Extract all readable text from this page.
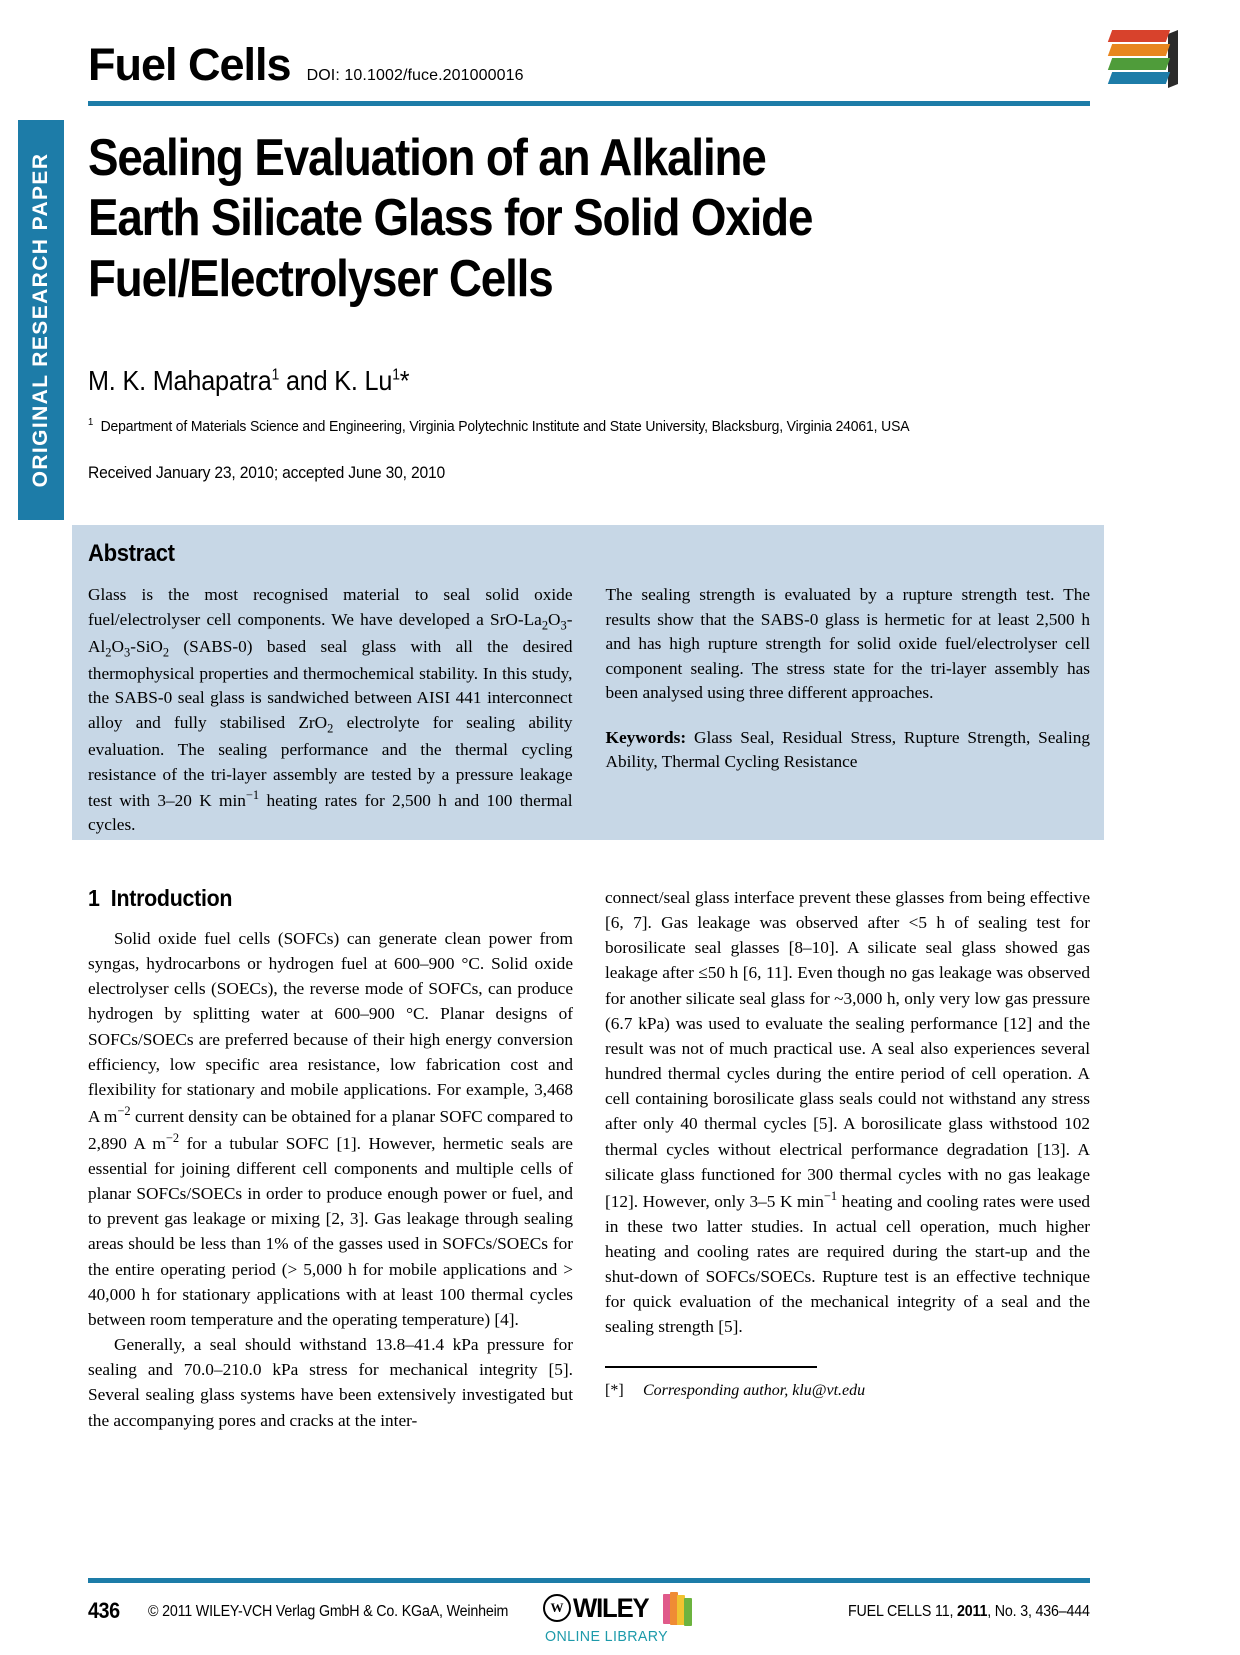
ORIGINAL RESEARCH PAPER
Fuel Cells DOI: 10.1002/fuce.201000016
Sealing Evaluation of an Alkaline
Earth Silicate Glass for Solid Oxide
Fuel/Electrolyser Cells
M. K. Mahapatra$^1$ and K. Lu$^1$*
$^1$ Department of Materials Science and Engineering, Virginia Polytechnic Institute and State University, Blacksburg, Virginia 24061, USA
Received January 23, 2010; accepted June 30, 2010
Abstract

Glass is the most recognised material to seal solid oxide fuel/electrolyser cell components. We have developed a SrO-$La_2O_3-Al_2O_3-SiO_2$ (SABS-0) based seal glass with all the desired thermophysical properties and thermochemical stability. In this study, the SABS-0 seal glass is sandwiched between AISI 441 interconnect alloy and fully stabilised ZrO$_2$ electrolyte for sealing ability evaluation. The sealing performance and the thermal cycling resistance of the tri-layer assembly are tested by a pressure leakage test with 3–20 K $\min^{-1}$ heating rates for 2,500 h and 100 thermal cycles.

The sealing strength is evaluated by a rupture strength test. The results show that the SABS-0 glass is hermetic for at least 2,500 h and has high rupture strength for solid oxide fuel/electrolyser cell component sealing. The stress state for the tri-layer assembly has been analysed using three different approaches.

Keywords: Glass Seal, Residual Stress, Rupture Strength, Sealing Ability, Thermal Cycling Resistance

1 Introduction

Solid oxide fuel cells (SOFCs) can generate clean power from syngas, hydrocarbons or hydrogen fuel at 600–900 °C. Solid oxide electrolyser cells (SOECs), the reverse mode of SOFCs, can produce hydrogen by splitting water at 600–900 °C. Planar designs of SOFCs/SOECs are preferred because of their high energy conversion efficiency, low specific area resistance, low fabrication cost and flexibility for stationary and mobile applications. For example, 3,468 A $m^{-2}$ current density can be obtained for a planar SOFC compared to 2,890 A $m^{-2}$ for a tubular SOFC [1]. However, hermetic seals are essential for joining different cell components and multiple cells of planar SOFCs/SOECs in order to produce enough power or fuel, and to prevent gas leakage or mixing [2, 3]. Gas leakage through sealing areas should be less than 1% of the gasses used in SOFCs/SOECs for the entire operating period (> 5,000 h for mobile applications and > 40,000 h for stationary applications with at least 100 thermal cycles between room temperature and the operating temperature) [4].

Generally, a seal should withstand 13.8–41.4 kPa pressure for sealing and 70.0–210.0 kPa stress for mechanical integrity [5]. Several sealing glass systems have been extensively investigated but the accompanying pores and cracks at the inter-

connect/seal glass interface prevent these glasses from being effective [6, 7]. Gas leakage was observed after <5 h of sealing test for borosilicate seal glasses [8–10]. A silicate seal glass showed gas leakage after ≤50 h [6, 11]. Even though no gas leakage was observed for another silicate seal glass for ~3,000 h, only very low gas pressure (6.7 kPa) was used to evaluate the sealing performance [12] and the result was not of much practical use. A seal also experiences several hundred thermal cycles during the entire period of cell operation. A cell containing borosilicate glass seals could not withstand any stress after only 40 thermal cycles [5]. A borosilicate glass withstood 102 thermal cycles without electrical performance degradation [13]. A silicate glass functioned for 300 thermal cycles with no gas leakage [12]. However, only 3–5 K $\min^{-1}$ heating and cooling rates were used in these two latter studies. In actual cell operation, much higher heating and cooling rates are required during the start-up and the shut-down of SOFCs/SOECs. Rupture test is an effective technique for quick evaluation of the mechanical integrity of a seal and the sealing strength [5].

[*]	Corresponding author, klu@vt.edu
436 © 2011 WILEY-VCH Verlag GmbH & Co. KGaA, Weinheim	W WILEY
ONLINE LIBRARY
FUEL CELLS 11, 2011, No. 3, 436–444
